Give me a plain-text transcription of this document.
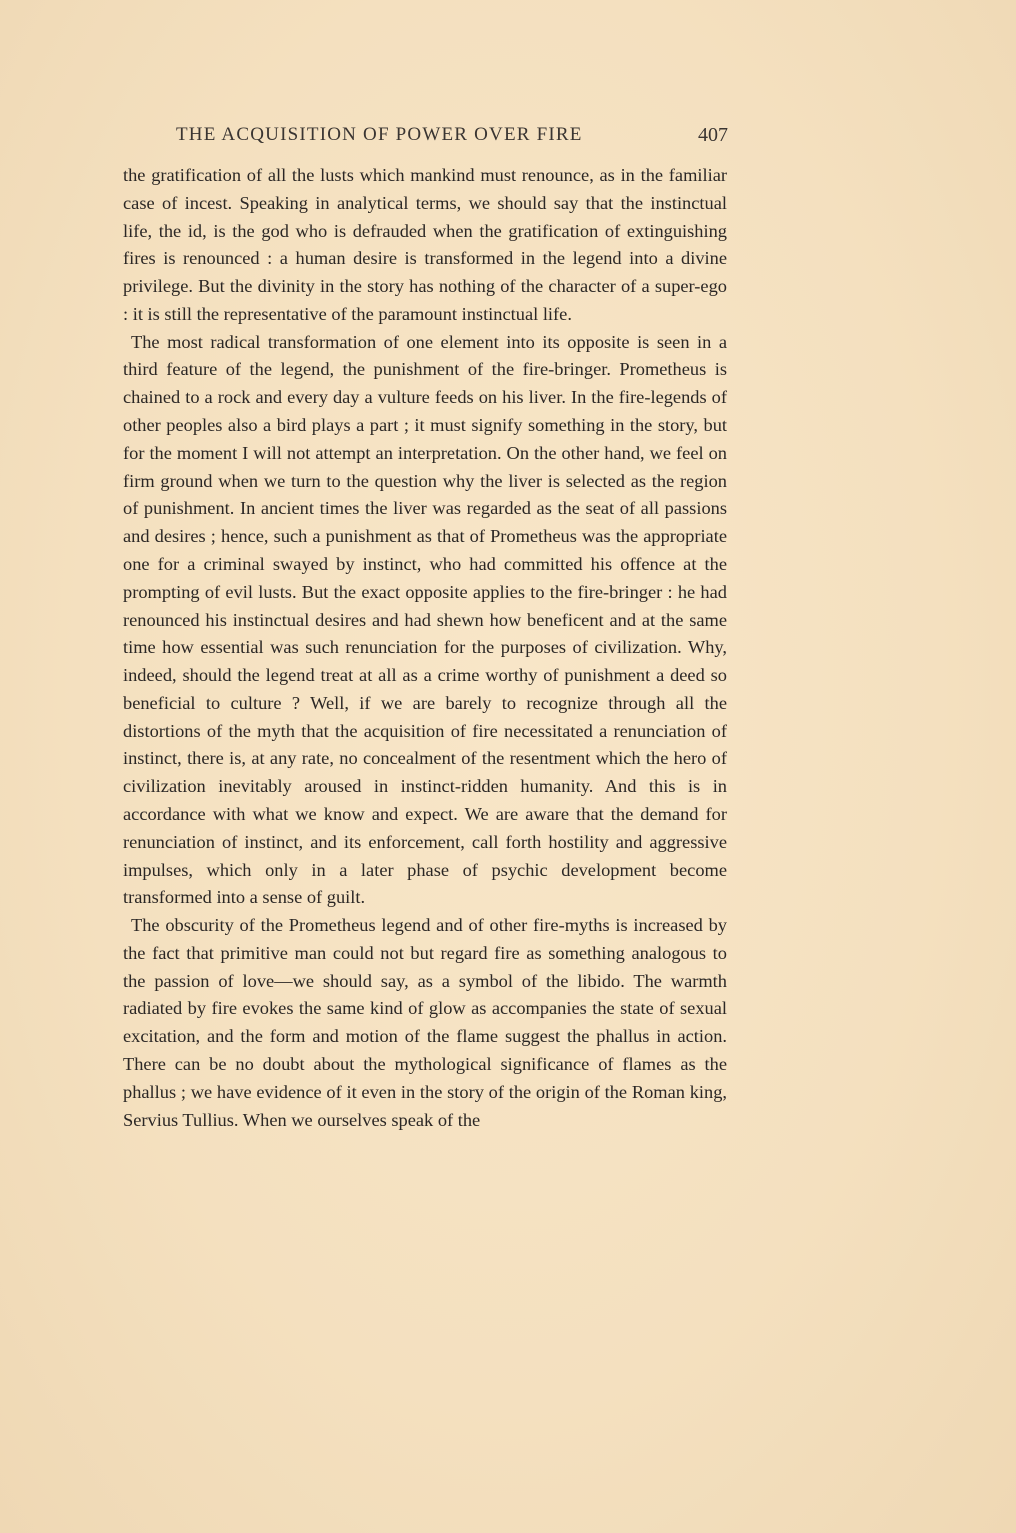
THE ACQUISITION OF POWER OVER FIRE	407

the gratification of all the lusts which mankind must renounce, as in the familiar case of incest. Speaking in analytical terms, we should say that the instinctual life, the id, is the god who is defrauded when the gratification of extinguishing fires is renounced : a human desire is transformed in the legend into a divine privilege. But the divinity in the story has nothing of the character of a super-ego : it is still the representative of the paramount instinctual life.

The most radical transformation of one element into its opposite is seen in a third feature of the legend, the punishment of the fire-bringer. Prometheus is chained to a rock and every day a vulture feeds on his liver. In the fire-legends of other peoples also a bird plays a part ; it must signify something in the story, but for the moment I will not attempt an interpretation. On the other hand, we feel on firm ground when we turn to the question why the liver is selected as the region of punishment. In ancient times the liver was regarded as the seat of all passions and desires ; hence, such a punishment as that of Prometheus was the appropriate one for a criminal swayed by instinct, who had committed his offence at the prompting of evil lusts. But the exact opposite applies to the fire-bringer : he had renounced his instinctual desires and had shewn how beneficent and at the same time how essential was such renunciation for the purposes of civilization. Why, indeed, should the legend treat at all as a crime worthy of punishment a deed so beneficial to culture ? Well, if we are barely to recognize through all the distortions of the myth that the acquisition of fire necessitated a renunciation of instinct, there is, at any rate, no concealment of the resentment which the hero of civilization inevitably aroused in instinct-ridden humanity. And this is in accordance with what we know and expect. We are aware that the demand for renunciation of instinct, and its enforcement, call forth hostility and aggressive impulses, which only in a later phase of psychic development become transformed into a sense of guilt.

The obscurity of the Prometheus legend and of other fire-myths is increased by the fact that primitive man could not but regard fire as something analogous to the passion of love—we should say, as a symbol of the libido. The warmth radiated by fire evokes the same kind of glow as accompanies the state of sexual excitation, and the form and motion of the flame suggest the phallus in action. There can be no doubt about the mythological significance of flames as the phallus ; we have evidence of it even in the story of the origin of the Roman king, Servius Tullius. When we ourselves speak of the
